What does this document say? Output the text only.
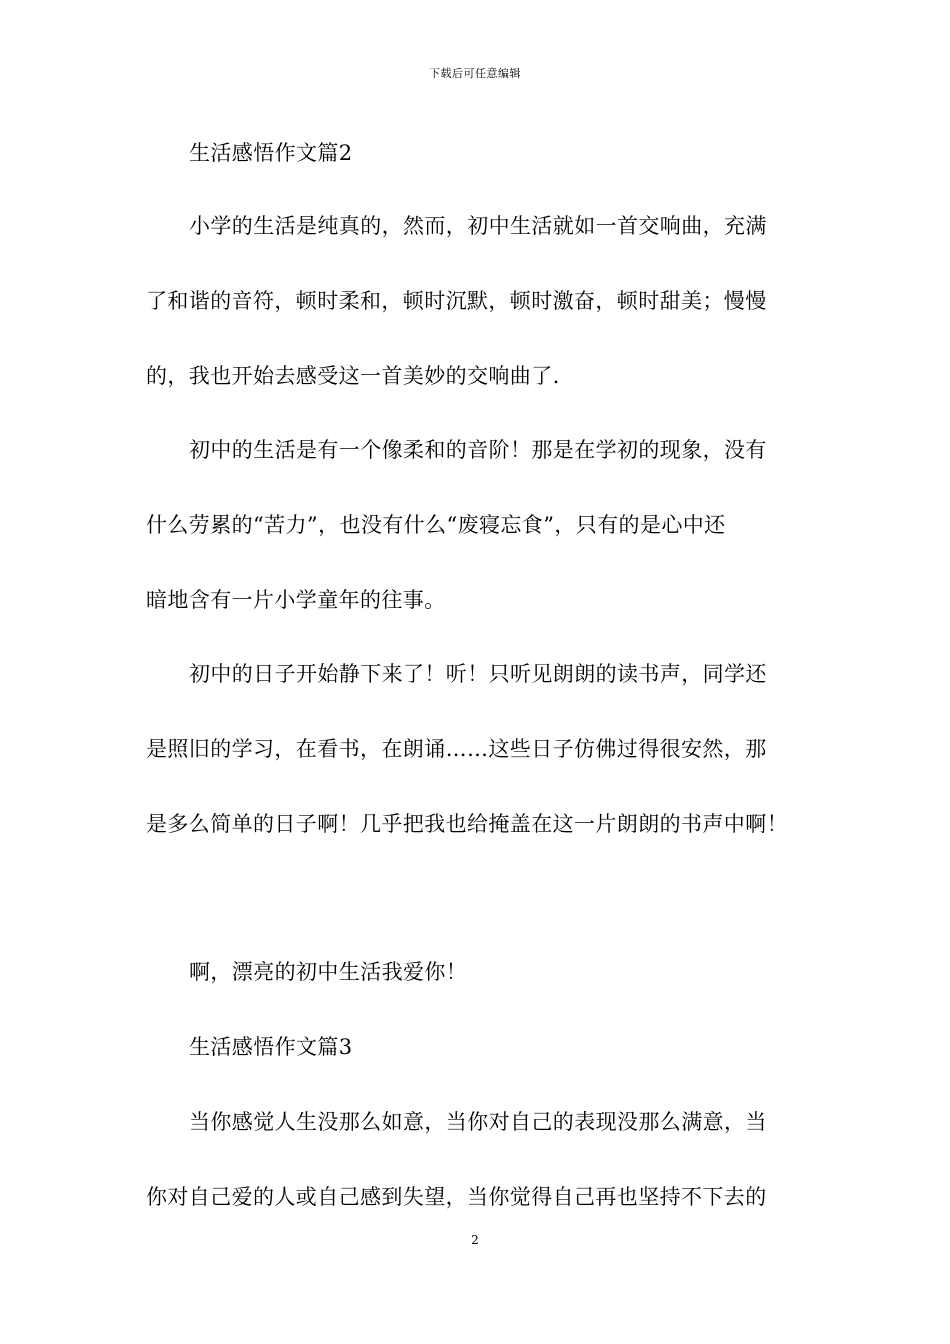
下载后可任意编辑
生活感悟作文篇2
小学的生活是纯真的，然而，初中生活就如一首交响曲，充满
了和谐的音符，顿时柔和，顿时沉默，顿时激奋，顿时甜美；慢慢
的，我也开始去感受这一首美妙的交响曲了.
初中的生活是有一个像柔和的音阶！那是在学初的现象，没有
什么劳累的“苦力”，也没有什么“废寝忘食”，只有的是心中还
暗地含有一片小学童年的往事。
初中的日子开始静下来了！听！只听见朗朗的读书声，同学还
是照旧的学习，在看书，在朗诵……这些日子仿佛过得很安然，那
是多么简单的日子啊！几乎把我也给掩盖在这一片朗朗的书声中啊！
啊，漂亮的初中生活我爱你！
生活感悟作文篇3
当你感觉人生没那么如意，当你对自己的表现没那么满意，当
你对自己爱的人或自己感到失望，当你觉得自己再也坚持不下去的
2
